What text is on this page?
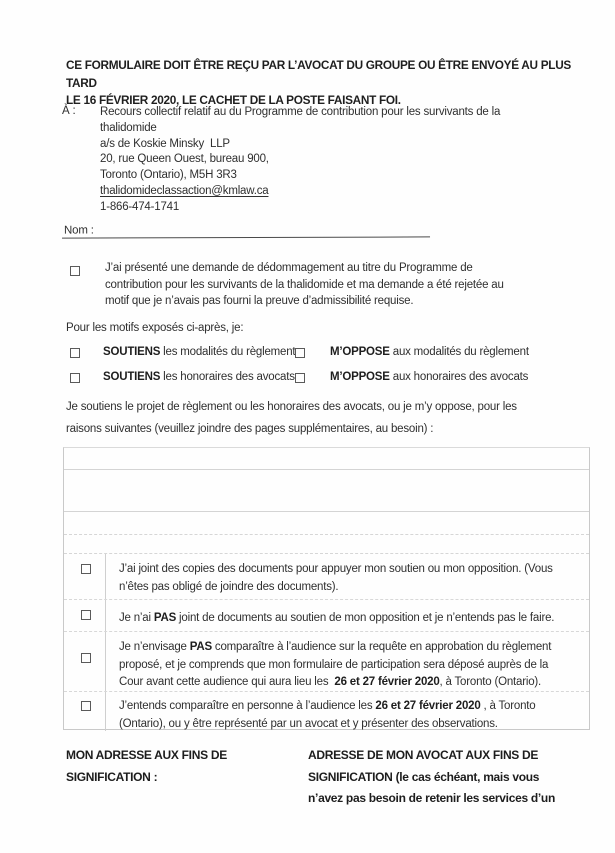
CE FORMULAIRE DOIT ÊTRE REÇU PAR L’AVOCAT DU GROUPE OU ÊTRE ENVOYÉ AU PLUS TARD
LE 16 FÉVRIER 2020, LE CACHET DE LA POSTE FAISANT FOI.
À : Recours collectif relatif au du Programme de contribution pour les survivants de la
thalidomide
a/s de Koskie Minsky  LLP
20, rue Queen Ouest, bureau 900,
Toronto (Ontario), M5H 3R3
thalidomideclassaction@kmlaw.ca
1-866-474-1741
Nom :
J’ai présenté une demande de dédommagement au titre du Programme de
contribution pour les survivants de la thalidomide et ma demande a été rejetée au
motif que je n’avais pas fourni la preuve d’admissibilité requise.
Pour les motifs exposés ci-après, je:
SOUTIENS les modalités du règlement	M’OPPOSE aux modalités du règlement
SOUTIENS les honoraires des avocats	M’OPPOSE aux honoraires des avocats
Je soutiens le projet de règlement ou les honoraires des avocats, ou je m’y oppose, pour les
raisons suivantes (veuillez joindre des pages supplémentaires, au besoin) :
J’ai joint des copies des documents pour appuyer mon soutien ou mon opposition. (Vous
n’êtes pas obligé de joindre des documents).
Je n’ai PAS joint de documents au soutien de mon opposition et je n’entends pas le faire.
Je n’envisage PAS comparaître à l’audience sur la requête en approbation du règlement
proposé, et je comprends que mon formulaire de participation sera déposé auprès de la
Cour avant cette audience qui aura lieu les  26 et 27 février 2020, à Toronto (Ontario).
J’entends comparaître en personne à l’audience les 26 et 27 février 2020 , à Toronto
(Ontario), ou y être représenté par un avocat et y présenter des observations.
MON ADRESSE AUX FINS DE
SIGNIFICATION :
ADRESSE DE MON AVOCAT AUX FINS DE
SIGNIFICATION (le cas échéant, mais vous
n’avez pas besoin de retenir les services d’un
